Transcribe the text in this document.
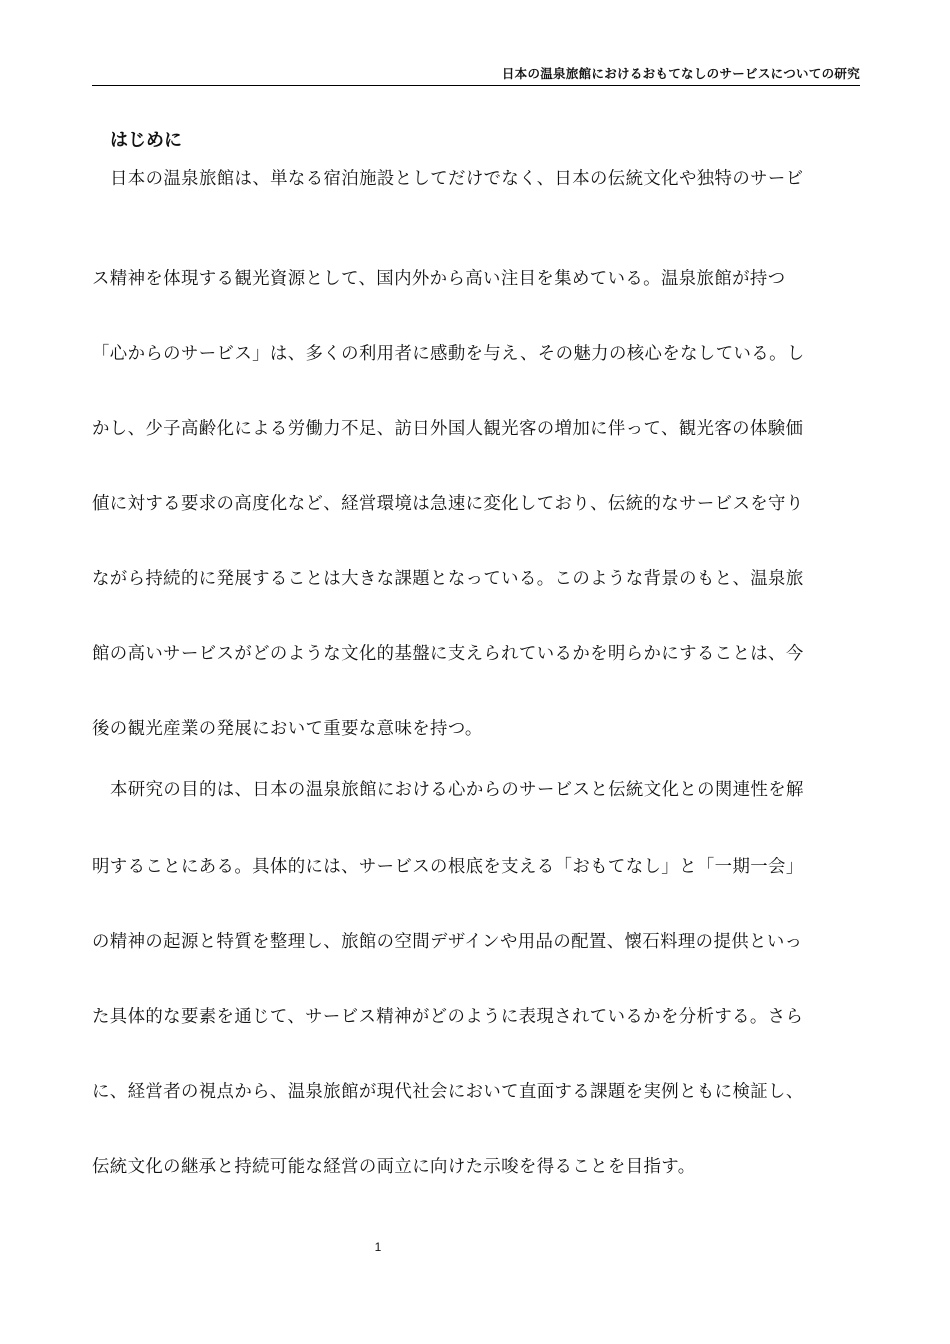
日本の温泉旅館におけるおもてなしのサービスについての研究
はじめに
日本の温泉旅館は、単なる宿泊施設としてだけでなく、日本の伝統文化や独特のサービ
ス精神を体現する観光資源として、国内外から高い注目を集めている。温泉旅館が持つ
「心からのサービス」は、多くの利用者に感動を与え、その魅力の核心をなしている。し
かし、少子高齢化による労働力不足、訪日外国人観光客の増加に伴って、観光客の体験価
値に対する要求の高度化など、経営環境は急速に変化しており、伝統的なサービスを守り
ながら持続的に発展することは大きな課題となっている。このような背景のもと、温泉旅
館の高いサービスがどのような文化的基盤に支えられているかを明らかにすることは、今
後の観光産業の発展において重要な意味を持つ。
本研究の目的は、日本の温泉旅館における心からのサービスと伝統文化との関連性を解
明することにある。具体的には、サービスの根底を支える「おもてなし」と「一期一会」
の精神の起源と特質を整理し、旅館の空間デザインや用品の配置、懐石料理の提供といっ
た具体的な要素を通じて、サービス精神がどのように表現されているかを分析する。さら
に、経営者の視点から、温泉旅館が現代社会において直面する課題を実例ともに検証し、
伝統文化の継承と持続可能な経営の両立に向けた示唆を得ることを目指す。
1
